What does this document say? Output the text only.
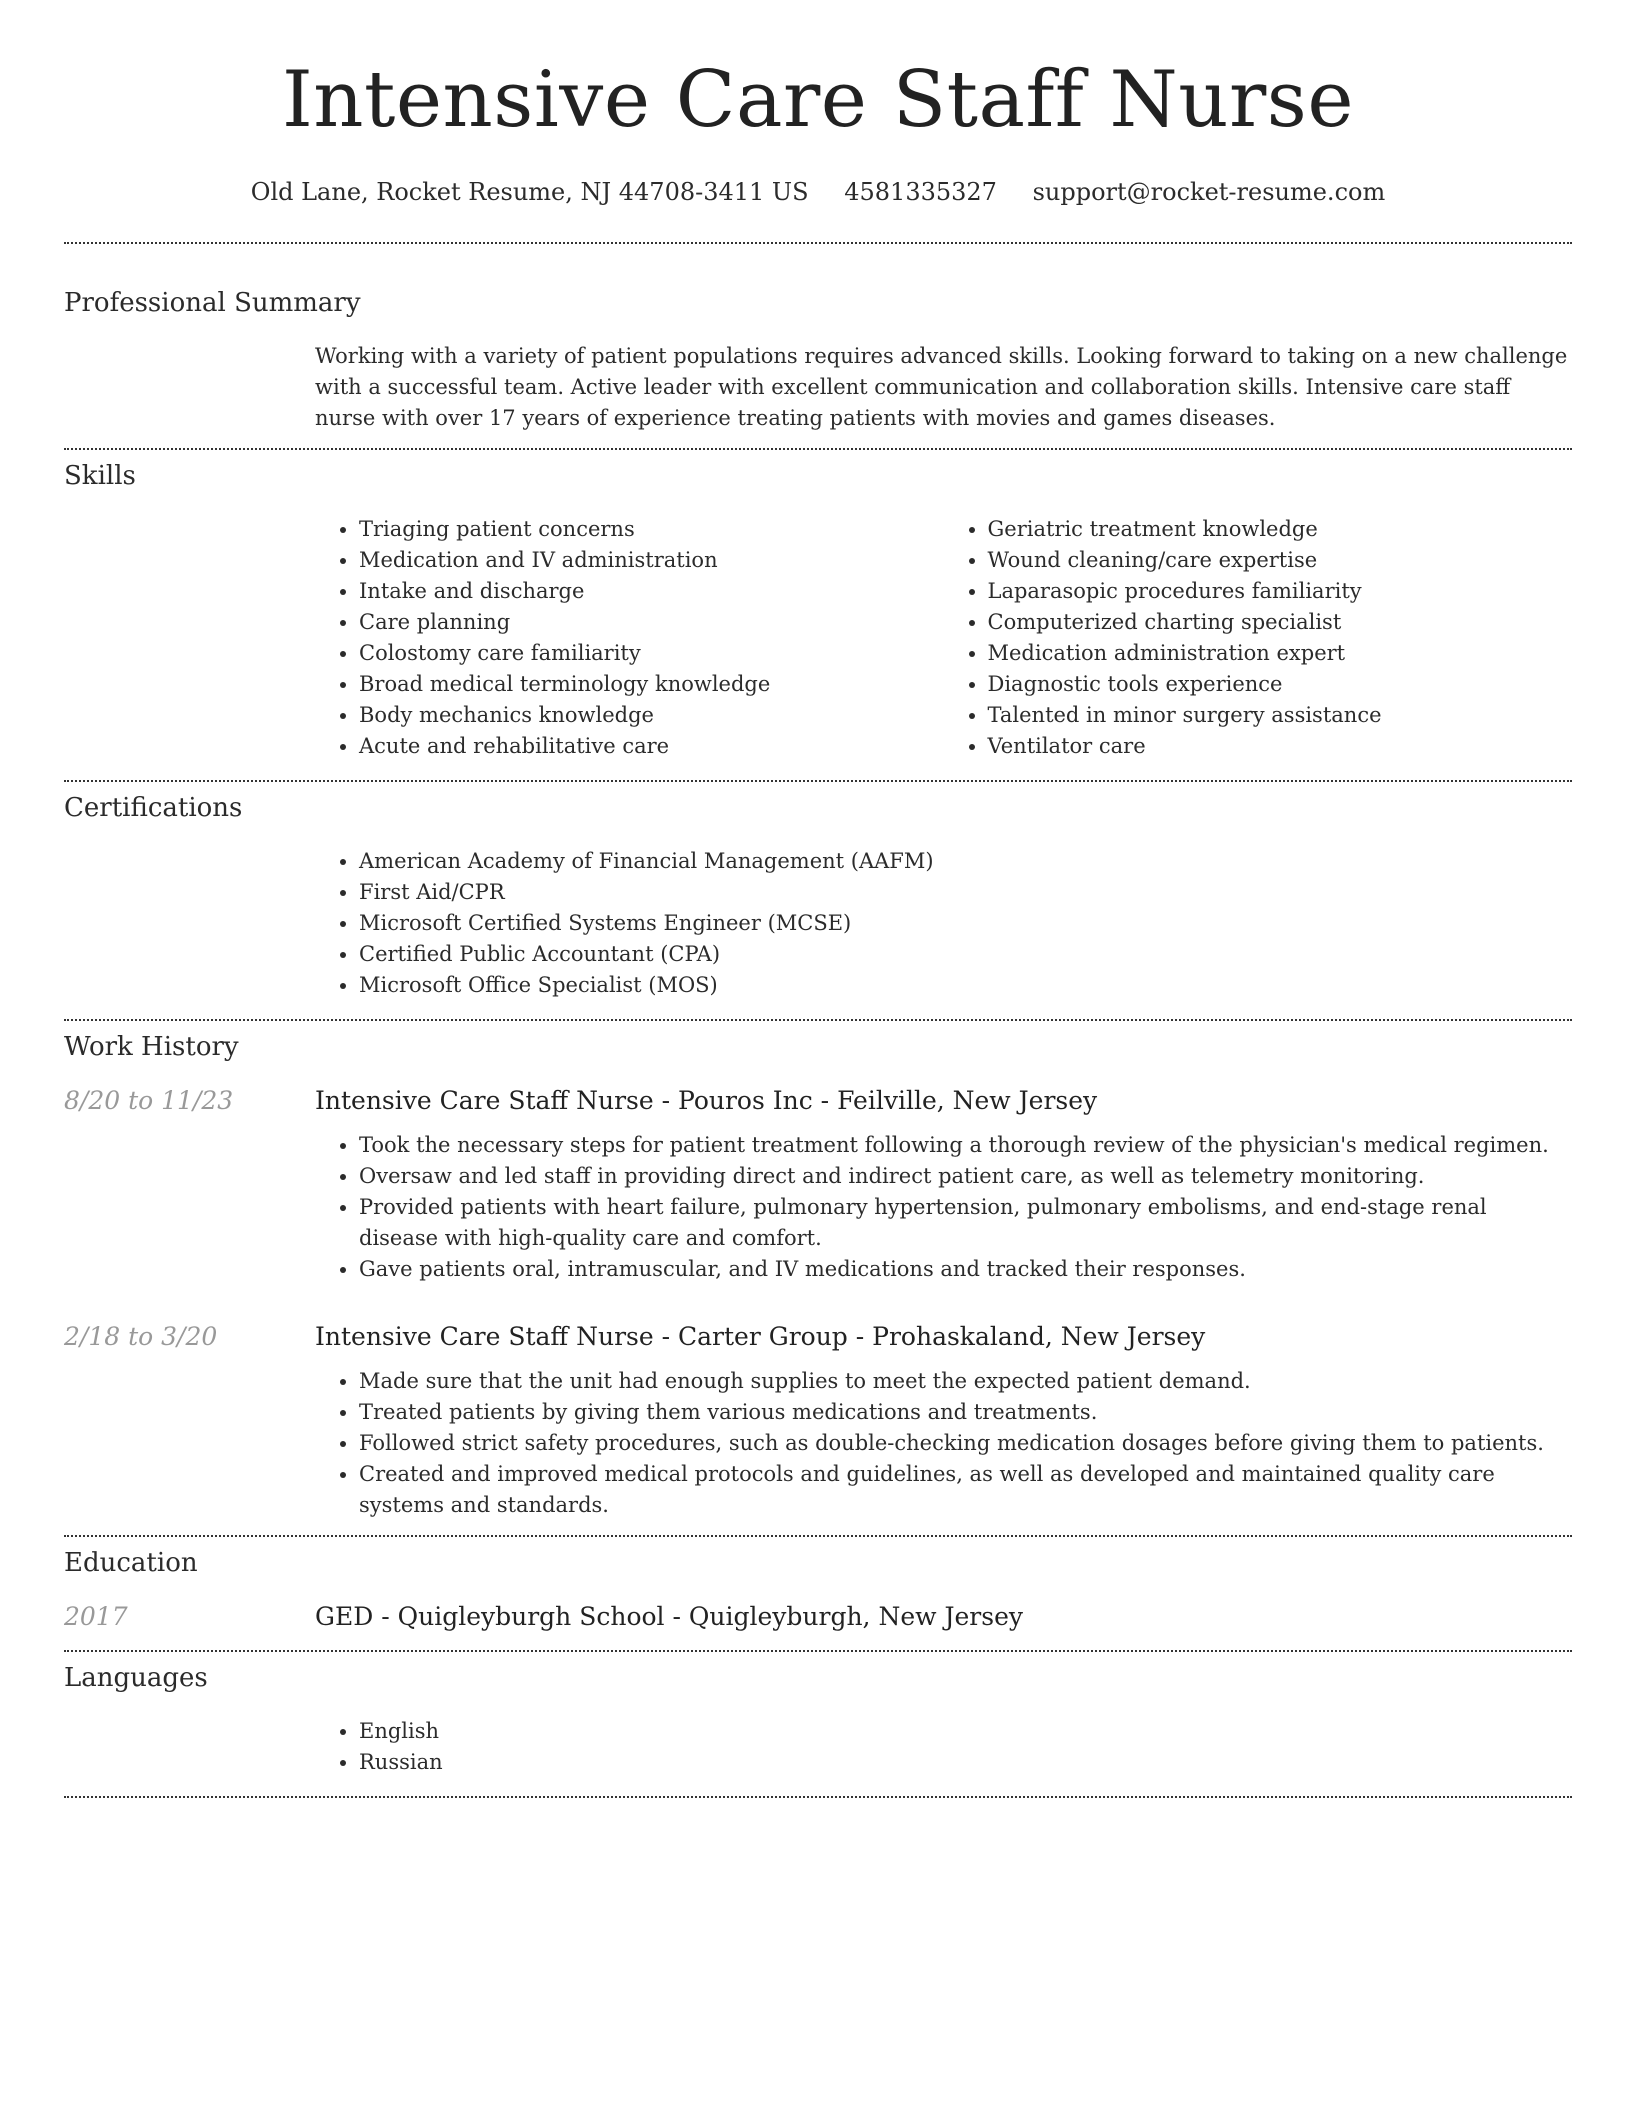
Intensive Care Staff Nurse
Old Lane, Rocket Resume, NJ 44708-3411 US 4581335327 support@rocket-resume.com
Professional Summary
Working with a variety of patient populations requires advanced skills. Looking forward to taking on a new challenge with a successful team. Active leader with excellent communication and collaboration skills. Intensive care staff nurse with over 17 years of experience treating patients with movies and games diseases.
Skills
• Triaging patient concerns
• Medication and IV administration
• Intake and discharge
• Care planning
• Colostomy care familiarity
• Broad medical terminology knowledge
• Body mechanics knowledge
• Acute and rehabilitative care
• Geriatric treatment knowledge
• Wound cleaning/care expertise
• Laparasopic procedures familiarity
• Computerized charting specialist
• Medication administration expert
• Diagnostic tools experience
• Talented in minor surgery assistance
• Ventilator care
Certifications
• American Academy of Financial Management (AAFM)
• First Aid/CPR
• Microsoft Certified Systems Engineer (MCSE)
• Certified Public Accountant (CPA)
• Microsoft Office Specialist (MOS)
Work History
8/20 to 11/23	Intensive Care Staff Nurse - Pouros Inc - Feilville, New Jersey
• Took the necessary steps for patient treatment following a thorough review of the physician's medical regimen.
• Oversaw and led staff in providing direct and indirect patient care, as well as telemetry monitoring.
• Provided patients with heart failure, pulmonary hypertension, pulmonary embolisms, and end-stage renal disease with high-quality care and comfort.
• Gave patients oral, intramuscular, and IV medications and tracked their responses.
2/18 to 3/20	Intensive Care Staff Nurse - Carter Group - Prohaskaland, New Jersey
• Made sure that the unit had enough supplies to meet the expected patient demand.
• Treated patients by giving them various medications and treatments.
• Followed strict safety procedures, such as double-checking medication dosages before giving them to patients.
• Created and improved medical protocols and guidelines, as well as developed and maintained quality care systems and standards.
Education
2017	GED - Quigleyburgh School - Quigleyburgh, New Jersey
Languages
• English
• Russian
